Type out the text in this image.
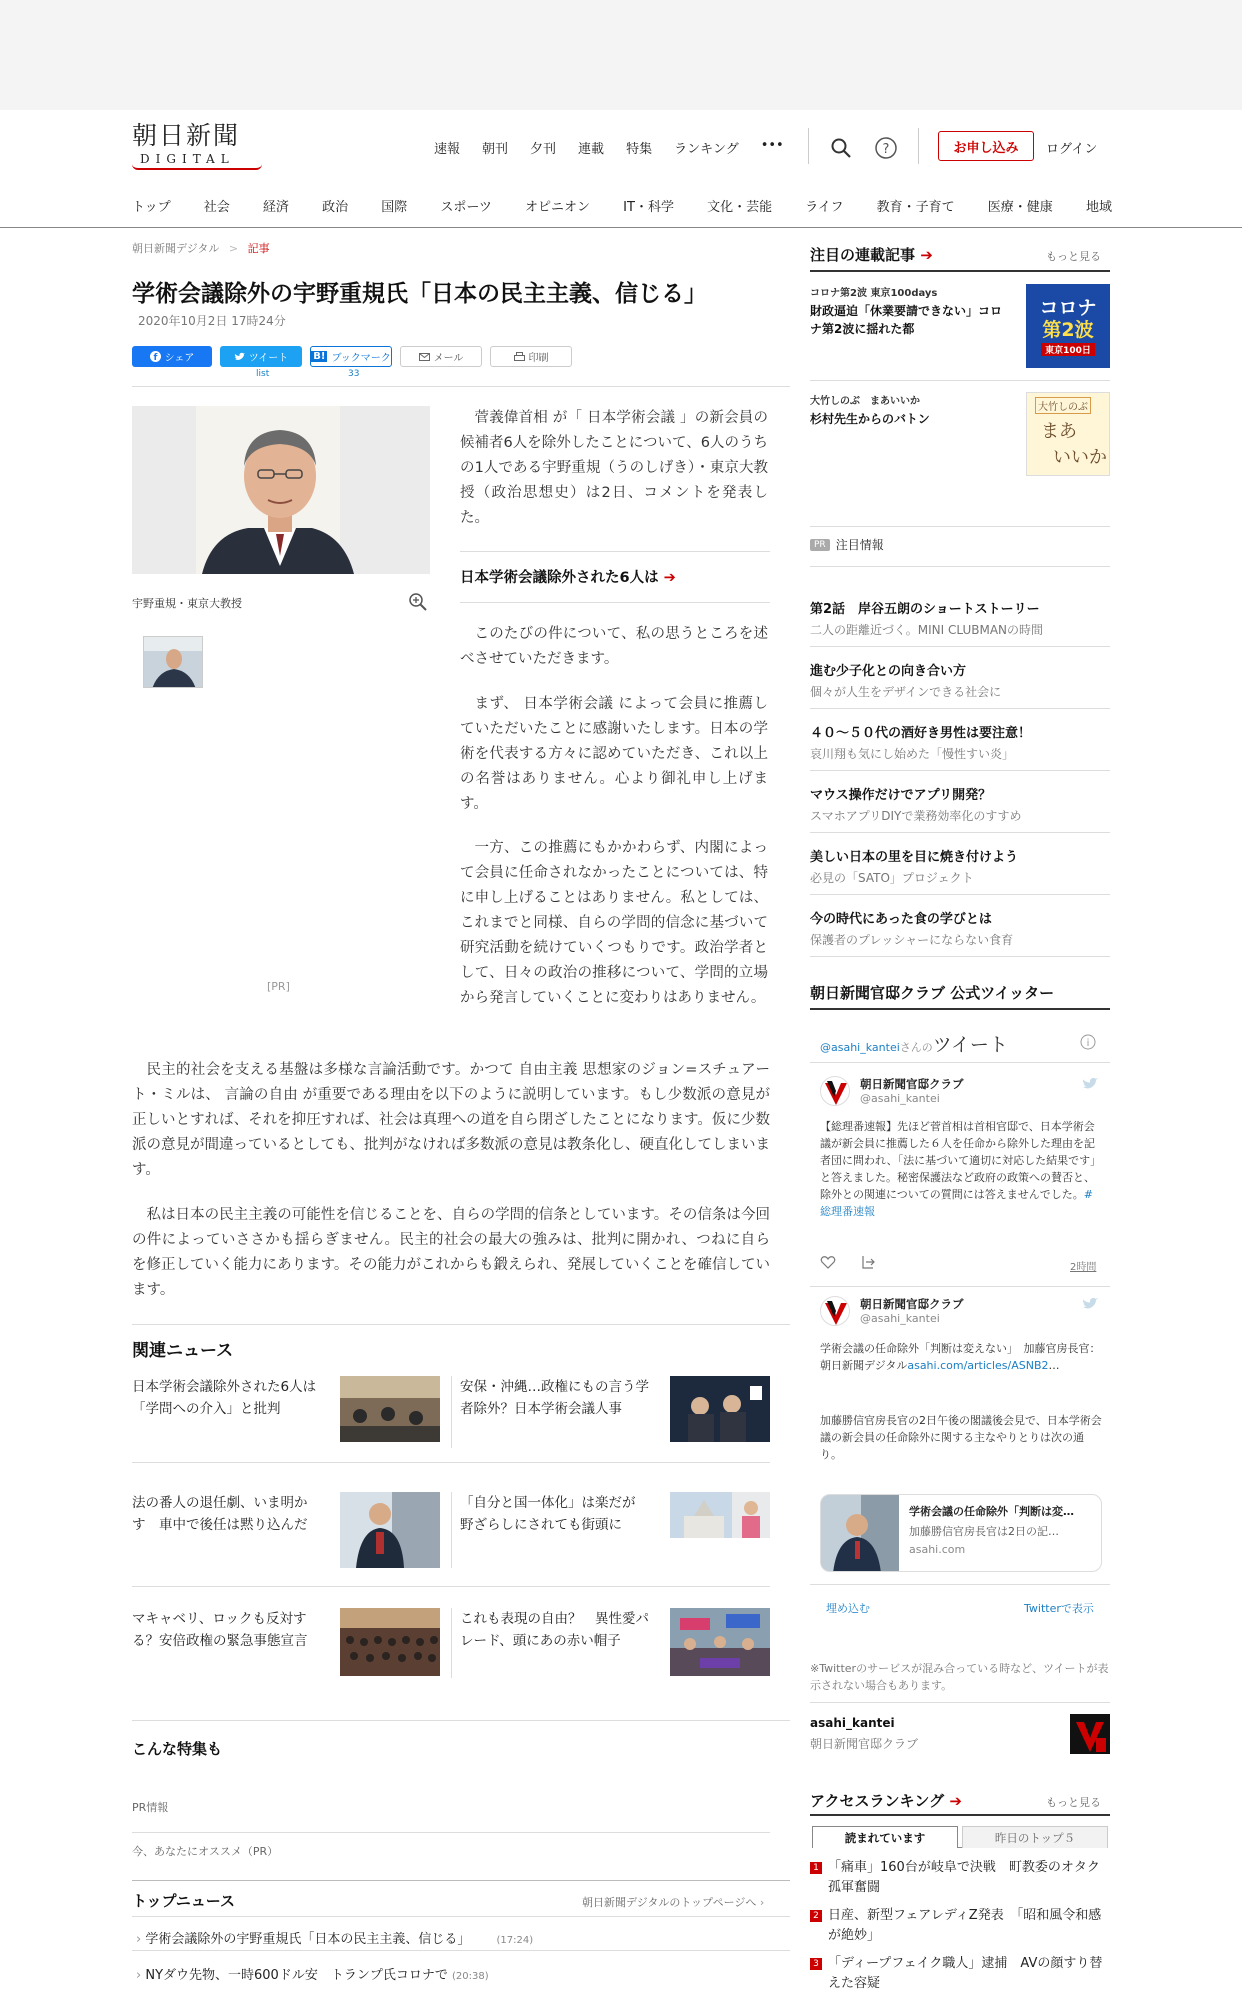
朝日新聞
DIGITAL
速報 朝刊 夕刊 連載 特集 ランキング •••	?	お申し込み	ログイン
トップ	社会	経済	政治	国際	スポーツ	オピニオン	IT・科学	文化・芸能	ライフ	教育・子育て	医療・健康	地域
朝日新聞デジタル > 記事
学術会議除外の宇野重規氏「日本の民主主義、信じる」
2020年10月2日 17時24分
f シェア	ツイート
list
B! ブックマーク
33
メール	印刷
宇野重規・東京大教授
[PR]
菅義偉首相 が「 日本学術会議 」の新会員の候補者6人を除外したことについて、6人のうちの1人である宇野重規（うのしげき）・東京大教授（政治思想史）は2日、コメントを発表した。
日本学術会議除外された6人は ➔
このたびの件について、私の思うところを述べさせていただきます。
まず、 日本学術会議 によって会員に推薦していただいたことに感謝いたします。日本の学術を代表する方々に認めていただき、これ以上の名誉はありません。心より御礼申し上げます。
一方、この推薦にもかかわらず、内閣によって会員に任命されなかったことについては、特に申し上げることはありません。私としては、これまでと同様、自らの学問的信念に基づいて研究活動を続けていくつもりです。政治学者として、日々の政治の推移について、学問的立場から発言していくことに変わりはありません。
民主的社会を支える基盤は多様な言論活動です。かつて 自由主義 思想家のジョン=スチュアート・ミルは、 言論の自由 が重要である理由を以下のように説明しています。もし少数派の意見が正しいとすれば、それを抑圧すれば、社会は真理への道を自ら閉ざしたことになります。仮に少数派の意見が間違っているとしても、批判がなければ多数派の意見は教条化し、硬直化してしまいます。
私は日本の民主主義の可能性を信じることを、自らの学問的信条としています。その信条は今回の件によっていささかも揺らぎません。民主的社会の最大の強みは、批判に開かれ、つねに自らを修正していく能力にあります。その能力がこれからも鍛えられ、発展していくことを確信しています。
関連ニュース
日本学術会議除外された6人は　「学問への介入」と批判
安保・沖縄…政権にもの言う学者除外？日本学術会議人事
法の番人の退任劇、いま明かす　車中で後任は黙り込んだ
「自分と国一体化」は楽だが　野ざらしにされても街頭に
マキャベリ、ロックも反対する？安倍政権の緊急事態宣言
これも表現の自由？　異性愛パレード、頭にあの赤い帽子
こんな特集も
PR情報
今、あなたにオススメ（PR）
トップニュース	朝日新聞デジタルのトップページへ ›
› 学術会議除外の宇野重規氏「日本の民主主義、信じる」	(17:24)
› NYダウ先物、一時600ドル安　トランプ氏コロナで (20:38)
注目の連載記事 ➔	もっと見る
コロナ第2波 東京100days
財政逼迫「休業要請できない」コロナ第2波に揺れた都
コロナ
第2波
東京100日
大竹しのぶ　まあいいか
杉村先生からのバトン
大竹しのぶ
まあ
いいか
PR 注目情報
第2話　岸谷五朗のショートストーリー
二人の距離近づく。MINI CLUBMANの時間
進む少子化との向き合い方
個々が人生をデザインできる社会に
４０～５０代の酒好き男性は要注意！
哀川翔も気にし始めた「慢性すい炎」
マウス操作だけでアプリ開発？
スマホアプリDIYで業務効率化のすすめ
美しい日本の里を目に焼き付けよう
必見の「SATO」プロジェクト
今の時代にあった食の学びとは
保護者のプレッシャーにならない食育
朝日新聞官邸クラブ 公式ツイッター
@asahi_kantei さんの ツイート	i
朝日新聞官邸クラブ
@asahi_kantei
【総理番速報】先ほど菅首相は首相官邸で、日本学術会議が新会員に推薦した６人を任命から除外した理由を記者団に問われ、「法に基づいて適切に対応した結果です」と答えました。秘密保護法など政府の政策への賛否と、除外との関連についての質問には答えませんでした。#総理番速報
2時間
朝日新聞官邸クラブ
@asahi_kantei
学術会議の任命除外「判断は変えない」　加藤官房長官：朝日新聞デジタルasahi.com/articles/ASNB2…
加藤勝信官房長官の2日午後の閣議後会見で、日本学術会議の新会員の任命除外に関する主なやりとりは次の通り。
学術会議の任命除外「判断は変…
加藤勝信官房長官は2日の記…
asahi.com
埋め込む	Twitterで表示
※Twitterのサービスが混み合っている時など、ツイートが表示されない場合もあります。
asahi_kantei
朝日新聞官邸クラブ
アクセスランキング ➔	もっと見る
読まれています	昨日のトップ５
1 「痛車」160台が岐阜で決戦　町教委のオタク孤軍奮闘
2 日産、新型フェアレディZ発表　「昭和風令和感が絶妙」
3 「ディープフェイク職人」逮捕　AVの顔すり替えた容疑
